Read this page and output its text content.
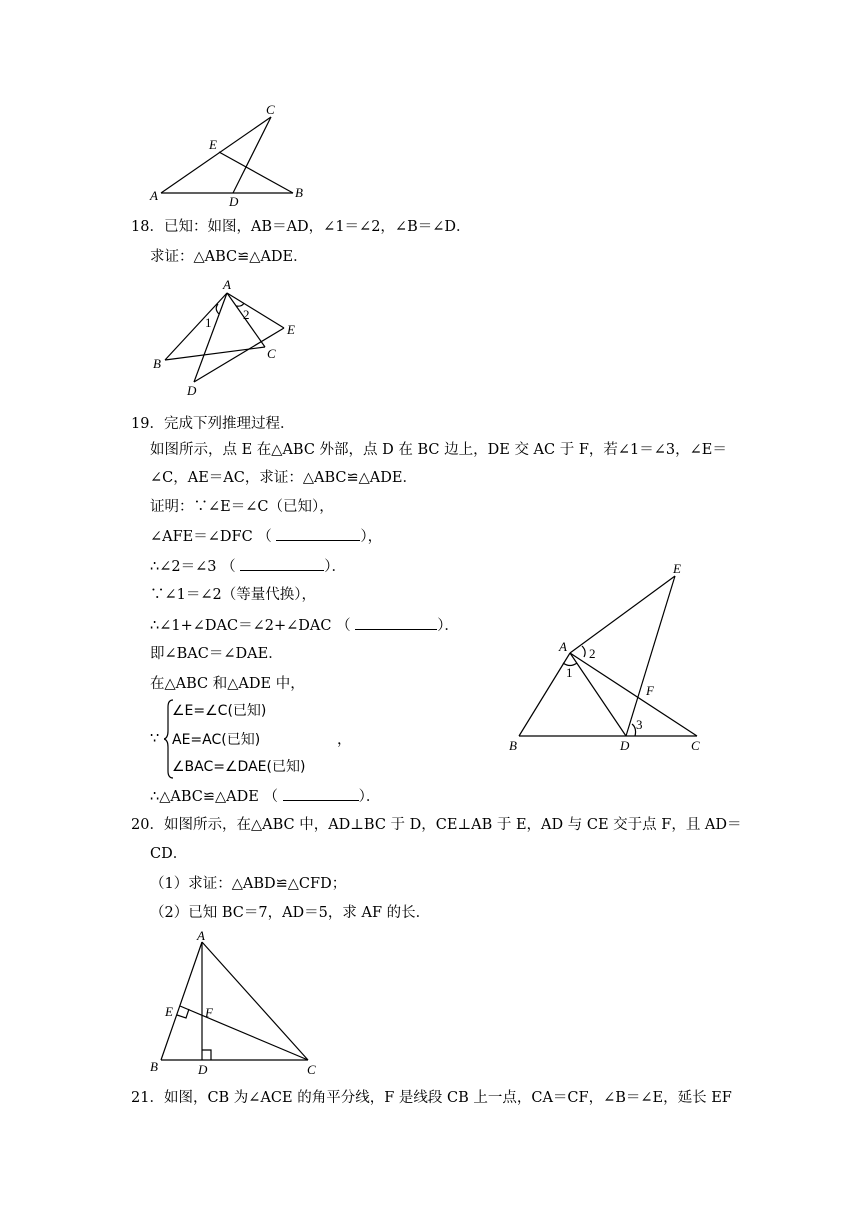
C
E
A	D
B
18．已知：如图，AB＝AD，∠1＝∠2，∠B＝∠D．
求证：△ABC≌△ADE．
A
B
C
D
E
1
2
19．完成下列推理过程．
如图所示，点 E 在△ABC 外部，点 D 在 BC 边上，DE 交 AC 于 F，若∠1＝∠3，∠E＝
∠C，AE＝AC，求证：△ABC≌△ADE．
证明：∵∠E＝∠C（已知），
∠AFE＝∠DFC （	），
∴∠2＝∠3 （	）．
∵∠1＝∠2（等量代换），
∴∠1+∠DAC＝∠2+∠DAC （	）．
即∠BAC＝∠DAE．
在△ABC 和△ADE 中，
∵
∠E=∠C(已知)
AE=AC(已知)
∠BAC=∠DAE(已知)
，
∴△ABC≌△ADE （	）．
E
A 2
1
F
3
B	D	C
20．如图所示，在△ABC 中，AD⊥BC 于 D，CE⊥AB 于 E，AD 与 CE 交于点 F，且 AD＝
CD．
（1）求证：△ABD≌△CFD；
（2）已知 BC＝7，AD＝5，求 AF 的长．
A
E F
B	D	C
21．如图，CB 为∠ACE 的角平分线，F 是线段 CB 上一点，CA＝CF，∠B＝∠E，延长 EF
